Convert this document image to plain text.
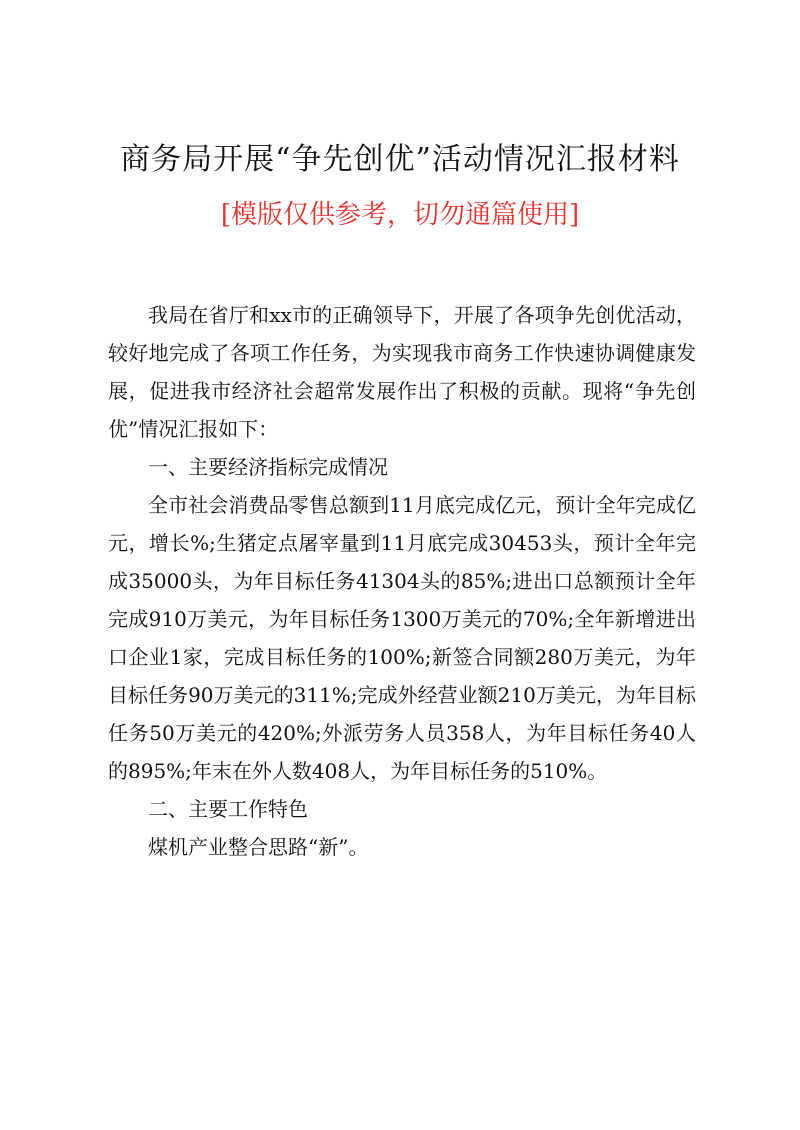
商务局开展“争先创优”活动情况汇报材料
[模版仅供参考，切勿通篇使用]

我局在省厅和xx市的正确领导下，开展了各项争先创优活动，较好地完成了各项工作任务，为实现我市商务工作快速协调健康发展，促进我市经济社会超常发展作出了积极的贡献。现将“争先创优”情况汇报如下：

一、主要经济指标完成情况

全市社会消费品零售总额到11月底完成亿元，预计全年完成亿元，增长%;生猪定点屠宰量到11月底完成30453头，预计全年完成35000头，为年目标任务41304头的85%;进出口总额预计全年完成910万美元，为年目标任务1300万美元的70%;全年新增进出口企业1家，完成目标任务的100%;新签合同额280万美元，为年目标任务90万美元的311%;完成外经营业额210万美元，为年目标任务50万美元的420%;外派劳务人员358人，为年目标任务40人的895%;年末在外人数408人，为年目标任务的510%。

二、主要工作特色

煤机产业整合思路“新”。
